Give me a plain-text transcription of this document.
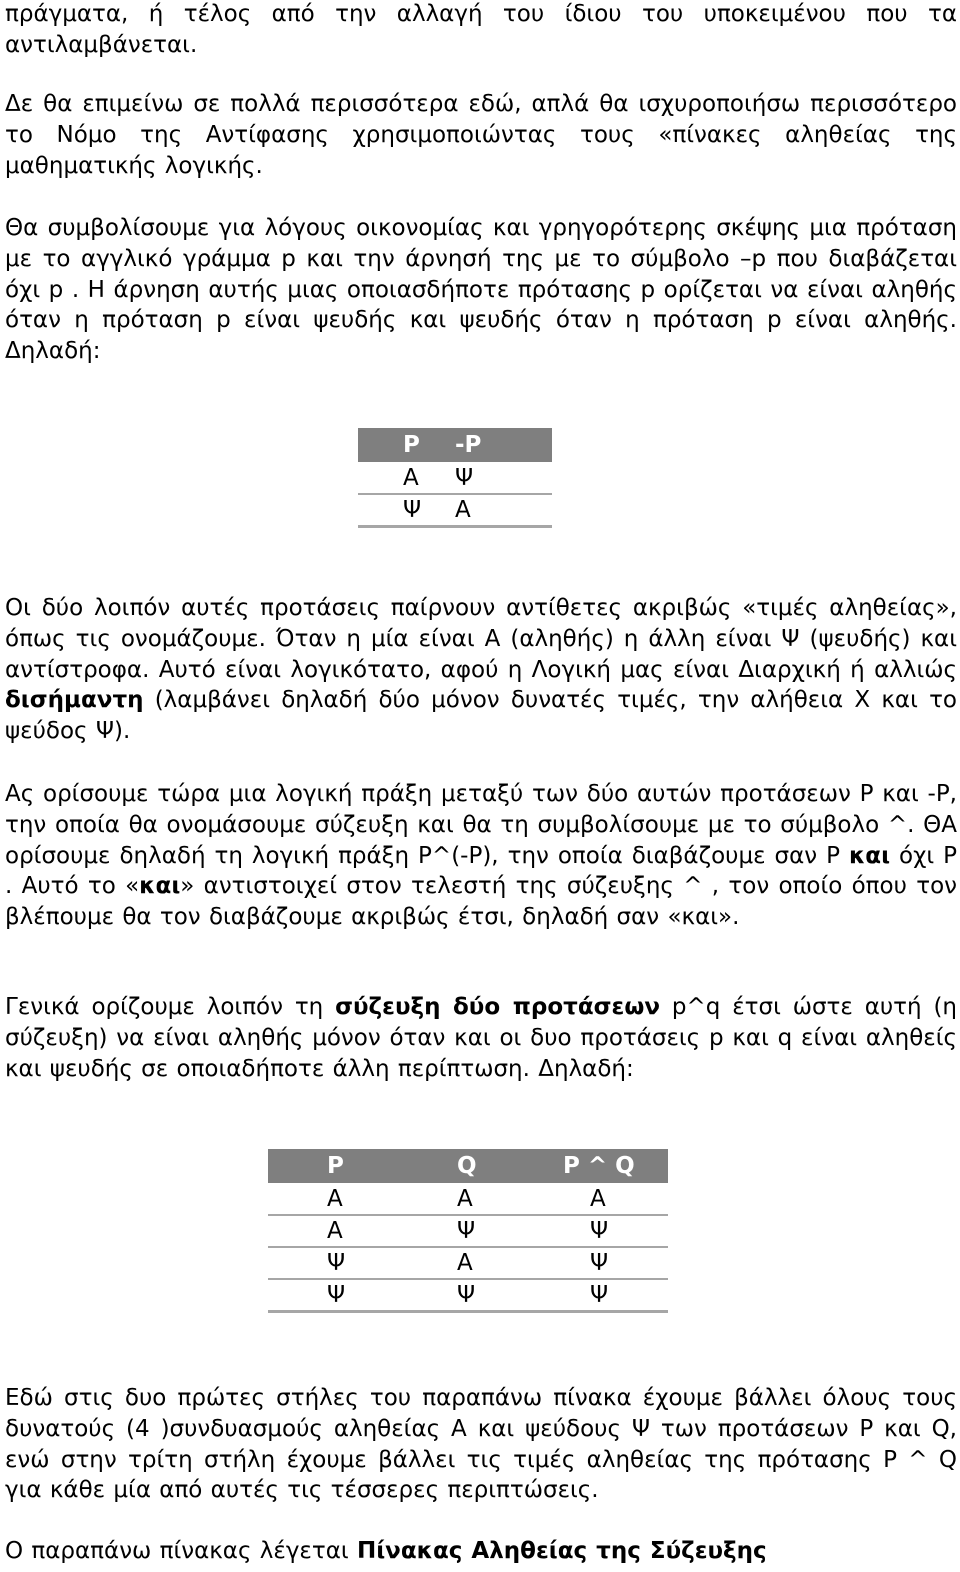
πράγματα, ή τέλος από την αλλαγή του ίδιου του υποκειμένου που τα αντιλαμβάνεται.

Δε θα επιμείνω σε πολλά περισσότερα εδώ, απλά θα ισχυροποιήσω περισσότερο το Νόμο της Αντίφασης χρησιμοποιώντας τους «πίνακες αληθείας της μαθηματικής λογικής.

Θα συμβολίσουμε για λόγους οικονομίας και γρηγορότερης σκέψης μια πρόταση με το αγγλικό γράμμα p και την άρνησή της με το σύμβολο –p που διαβάζεται όχι p . Η άρνηση αυτής μιας οποιασδήποτε πρότασης p ορίζεται να είναι αληθής όταν η πρόταση p είναι ψευδής και ψευδής όταν η πρόταση p είναι αληθής. Δηλαδή:

Οι δύο λοιπόν αυτές προτάσεις παίρνουν αντίθετες ακριβώς «τιμές αληθείας», όπως τις ονομάζουμε. Όταν η μία είναι Α (αληθής) η άλλη είναι Ψ (ψευδής) και αντίστροφα. Αυτό είναι λογικότατο, αφού η Λογική μας είναι Διαρχική ή αλλιώς δισήμαντη (λαμβάνει δηλαδή δύο μόνον δυνατές τιμές, την αλήθεια Χ και το ψεύδος Ψ).

Ας ορίσουμε τώρα μια λογική πράξη μεταξύ των δύο αυτών προτάσεων P και -P, την οποία θα ονομάσουμε σύζευξη και θα τη συμβολίσουμε με το σύμβολο ^. ΘΑ ορίσουμε δηλαδή τη λογική πράξη P^(-P), την οποία διαβάζουμε σαν P και όχι P . Αυτό το «και» αντιστοιχεί στον τελεστή της σύζευξης ^ , τον οποίο όπου τον βλέπουμε θα τον διαβάζουμε ακριβώς έτσι, δηλαδή σαν «και».

Γενικά ορίζουμε λοιπόν τη σύζευξη δύο προτάσεων p^q έτσι ώστε αυτή (η σύζευξη) να είναι αληθής μόνον όταν και οι δυο προτάσεις p και q είναι αληθείς και ψευδής σε οποιαδήποτε άλλη περίπτωση. Δηλαδή:

Εδώ στις δυο πρώτες στήλες του παραπάνω πίνακα έχουμε βάλλει όλους τους δυνατούς (4 )συνδυασμούς αληθείας Α και ψεύδους Ψ των προτάσεων P και Q, ενώ στην τρίτη στήλη έχουμε βάλλει τις τιμές αληθείας της πρότασης P ^ Q για κάθε μία από αυτές τις τέσσερες περιπτώσεις.

Ο παραπάνω πίνακας λέγεται Πίνακας Αληθείας της Σύζευξης

P	-P
Α	Ψ
Ψ	Α
P	Q	P ^ Q
Α	Α	Α
Α	Ψ	Ψ
Ψ	Α	Ψ
Ψ	Ψ	Ψ
